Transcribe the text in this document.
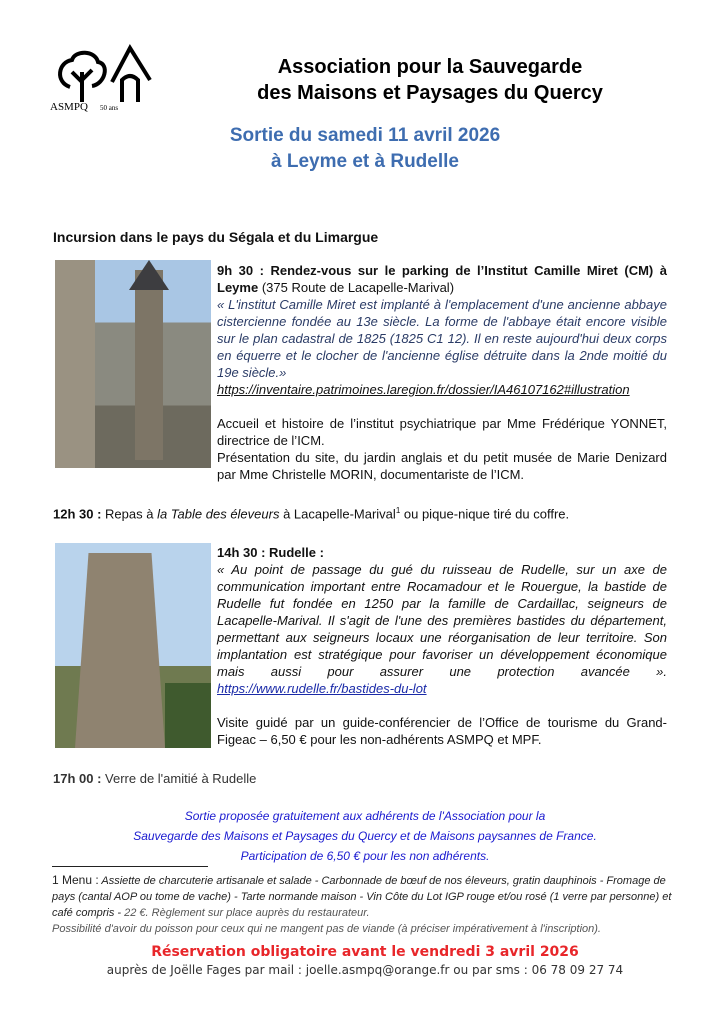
ASMPQ 50 ans
Association pour la Sauvegarde
des Maisons et Paysages du Quercy
Sortie du samedi 11 avril 2026
à Leyme et à Rudelle
Incursion dans le pays du Ségala et du Limargue
9h 30 : Rendez-vous sur le parking de l’Institut Camille Miret (CM) à Leyme (375 Route de Lacapelle-Marival)
« L'institut Camille Miret est implanté à l'emplacement d'une ancienne abbaye cistercienne fondée au 13e siècle. La forme de l'abbaye était encore visible sur le plan cadastral de 1825 (1825 C1 12). Il en reste aujourd'hui deux corps en équerre et le clocher de l'ancienne église détruite dans la 2nde moitié du 19e siècle.»
https://inventaire.patrimoines.laregion.fr/dossier/IA46107162#illustration
Accueil et histoire de l’institut psychiatrique par Mme Frédérique YONNET, directrice de l’ICM.
Présentation du site, du jardin anglais et du petit musée de Marie Denizard par Mme Christelle MORIN, documentariste de l’ICM.
12h 30 : Repas à la Table des éleveurs à Lacapelle-Marival$^1$ ou pique-nique tiré du coffre.
14h 30 : Rudelle :
« Au point de passage du gué du ruisseau de Rudelle, sur un axe de communication important entre Rocamadour et le Rouergue, la bastide de Rudelle fut fondée en 1250 par la famille de Cardaillac, seigneurs de Lacapelle-Marival. Il s'agit de l'une des premières bastides du département, permettant aux seigneurs locaux une réorganisation de leur territoire. Son implantation est stratégique pour favoriser un développement économique mais aussi pour assurer une protection avancée ». https://www.rudelle.fr/bastides-du-lot
Visite guidé par un guide-conférencier de l’Office de tourisme du Grand-Figeac – 6,50 € pour les non-adhérents ASMPQ et MPF.
17h 00 : Verre de l'amitié à Rudelle
Sortie proposée gratuitement aux adhérents de l'Association pour la
Sauvegarde des Maisons et Paysages du Quercy et de Maisons paysannes de France.
Participation de 6,50 € pour les non adhérents.
1 Menu : Assiette de charcuterie artisanale et salade - Carbonnade de bœuf de nos éleveurs, gratin dauphinois - Fromage de pays (cantal AOP ou tome de vache) - Tarte normande maison - Vin Côte du Lot IGP rouge et/ou rosé (1 verre par personne) et café compris - 22 €. Règlement sur place auprès du restaurateur.
Possibilité d'avoir du poisson pour ceux qui ne mangent pas de viande (à préciser impérativement à l'inscription).
Réservation obligatoire avant le vendredi 3 avril 2026
auprès de Joëlle Fages par mail : joelle.asmpq@orange.fr ou par sms : 06 78 09 27 74
